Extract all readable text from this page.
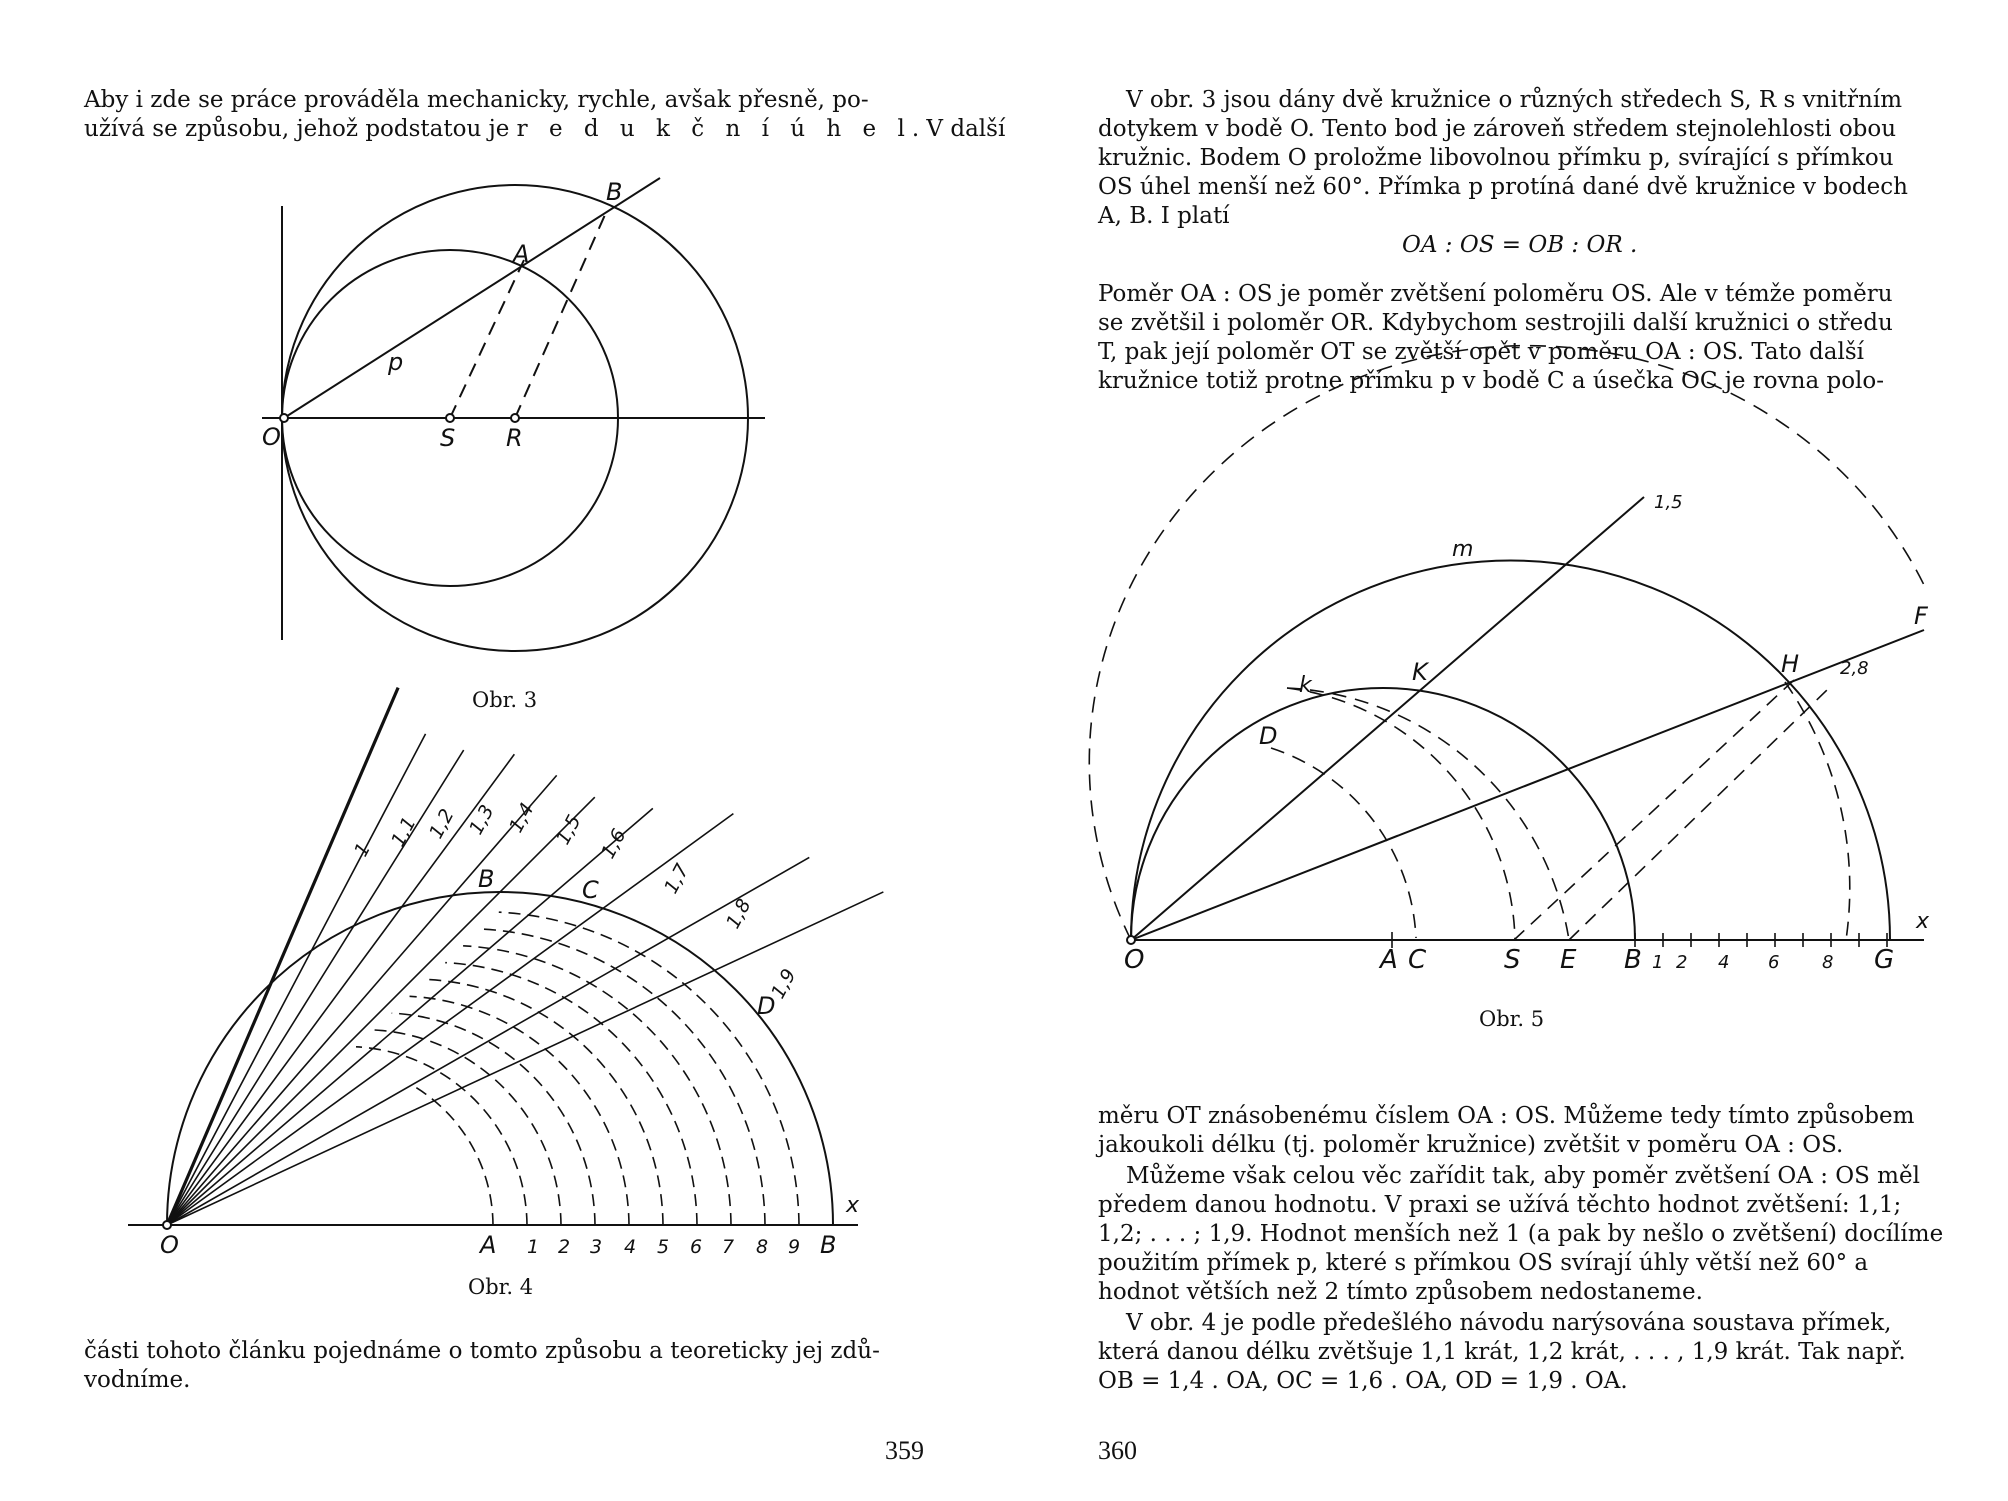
Aby i zde se práce prováděla mechanicky, rychle, avšak přesně, po-
užívá se způsobu, jehož podstatou je r e d u k č n í ú h e l. V další
O	S R
A
B
p
Obr. 3
1 1,1 1,2 1,3 1,4 1,5 1,6
1,7
1,8
1,9
A 1 2 3 4 5 6 7 8 9 B
O
B	C
D
x
Obr. 4
části tohoto článku pojednáme o tomto způsobu a teoreticky jej zdů-
vodníme.
359
V obr. 3 jsou dány dvě kružnice o různých středech S, R s vnitřním
dotykem v bodě O. Tento bod je zároveň středem stejnolehlosti obou
kružnic. Bodem O proložme libovolnou přímku p, svírající s přímkou
OS úhel menší než 60°. Přímka p protíná dané dvě kružnice v bodech
A, B. I platí
OA : OS = OB : OR .
Poměr OA : OS je poměr zvětšení poloměru OS. Ale v témže poměru
se zvětšil i poloměr OR. Kdybychom sestrojili další kružnici o středu
T, pak její poloměr OT se zvětší opět v poměru OA : OS. Tato další
kružnice totiž protne přímku p v bodě C a úsečka OC je rovna polo-
O	A C	S E B 1 2 4 6 8 G
K
D
H
F
k
m
x
1,5
2,8
Obr. 5
měru OT znásobenému číslem OA : OS. Můžeme tedy tímto způsobem
jakoukoli délku (tj. poloměr kružnice) zvětšit v poměru OA : OS.
Můžeme však celou věc zařídit tak, aby poměr zvětšení OA : OS měl
předem danou hodnotu. V praxi se užívá těchto hodnot zvětšení: 1,1;
1,2; . . . ; 1,9. Hodnot menších než 1 (a pak by nešlo o zvětšení) docílíme
použitím přímek p, které s přímkou OS svírají úhly větší než 60° a
hodnot větších než 2 tímto způsobem nedostaneme.
V obr. 4 je podle předešlého návodu narýsována soustava přímek,
která danou délku zvětšuje 1,1 krát, 1,2 krát, . . . , 1,9 krát. Tak např.
OB = 1,4 . OA, OC = 1,6 . OA, OD = 1,9 . OA.
360
